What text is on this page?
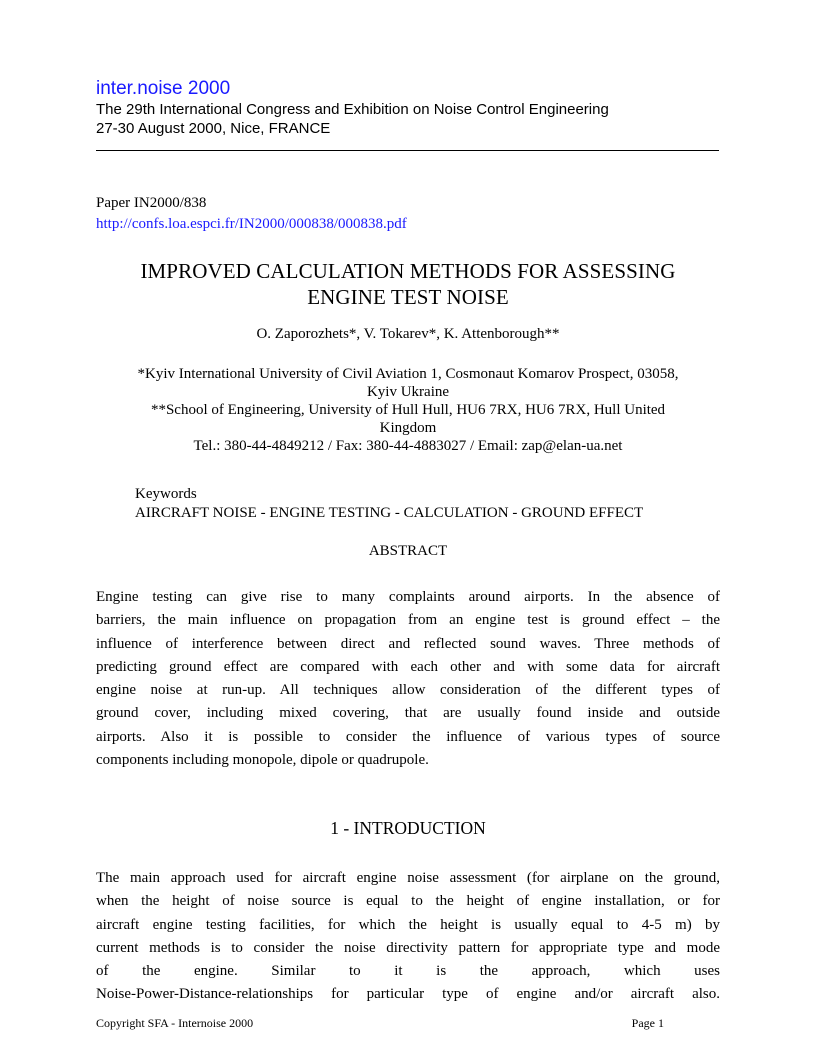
inter.noise 2000

The 29th International Congress and Exhibition on Noise Control Engineering

27-30 August 2000, Nice, FRANCE

Paper IN2000/838
http://confs.loa.espci.fr/IN2000/000838/000838.pdf
IMPROVED CALCULATION METHODS FOR ASSESSING
ENGINE TEST NOISE
O. Zaporozhets*, V. Tokarev*, K. Attenborough**
*Kyiv International University of Civil Aviation 1, Cosmonaut Komarov Prospect, 03058,
Kyiv Ukraine
**School of Engineering, University of Hull Hull, HU6 7RX, HU6 7RX, Hull United
Kingdom
Tel.: 380-44-4849212 / Fax: 380-44-4883027 / Email: zap@elan-ua.net
Keywords
AIRCRAFT NOISE - ENGINE TESTING - CALCULATION - GROUND EFFECT
ABSTRACT
Engine testing can give rise to many complaints around airports. In the absence of
barriers, the main influence on propagation from an engine test is ground effect – the
influence of interference between direct and reflected sound waves. Three methods of
predicting ground effect are compared with each other and with some data for aircraft
engine noise at run-up. All techniques allow consideration of the different types of
ground cover, including mixed covering, that are usually found inside and outside
airports. Also it is possible to consider the influence of various types of source
components including monopole, dipole or quadrupole.
1 - INTRODUCTION
The main approach used for aircraft engine noise assessment (for airplane on the ground,
when the height of noise source is equal to the height of engine installation, or for
aircraft engine testing facilities, for which the height is usually equal to 4-5 m) by
current methods is to consider the noise directivity pattern for appropriate type and mode
of the engine. Similar to it is the approach, which uses
Noise-Power-Distance-relationships for particular type of engine and/or aircraft also.
Copyright SFA - Internoise 2000	Page 1
